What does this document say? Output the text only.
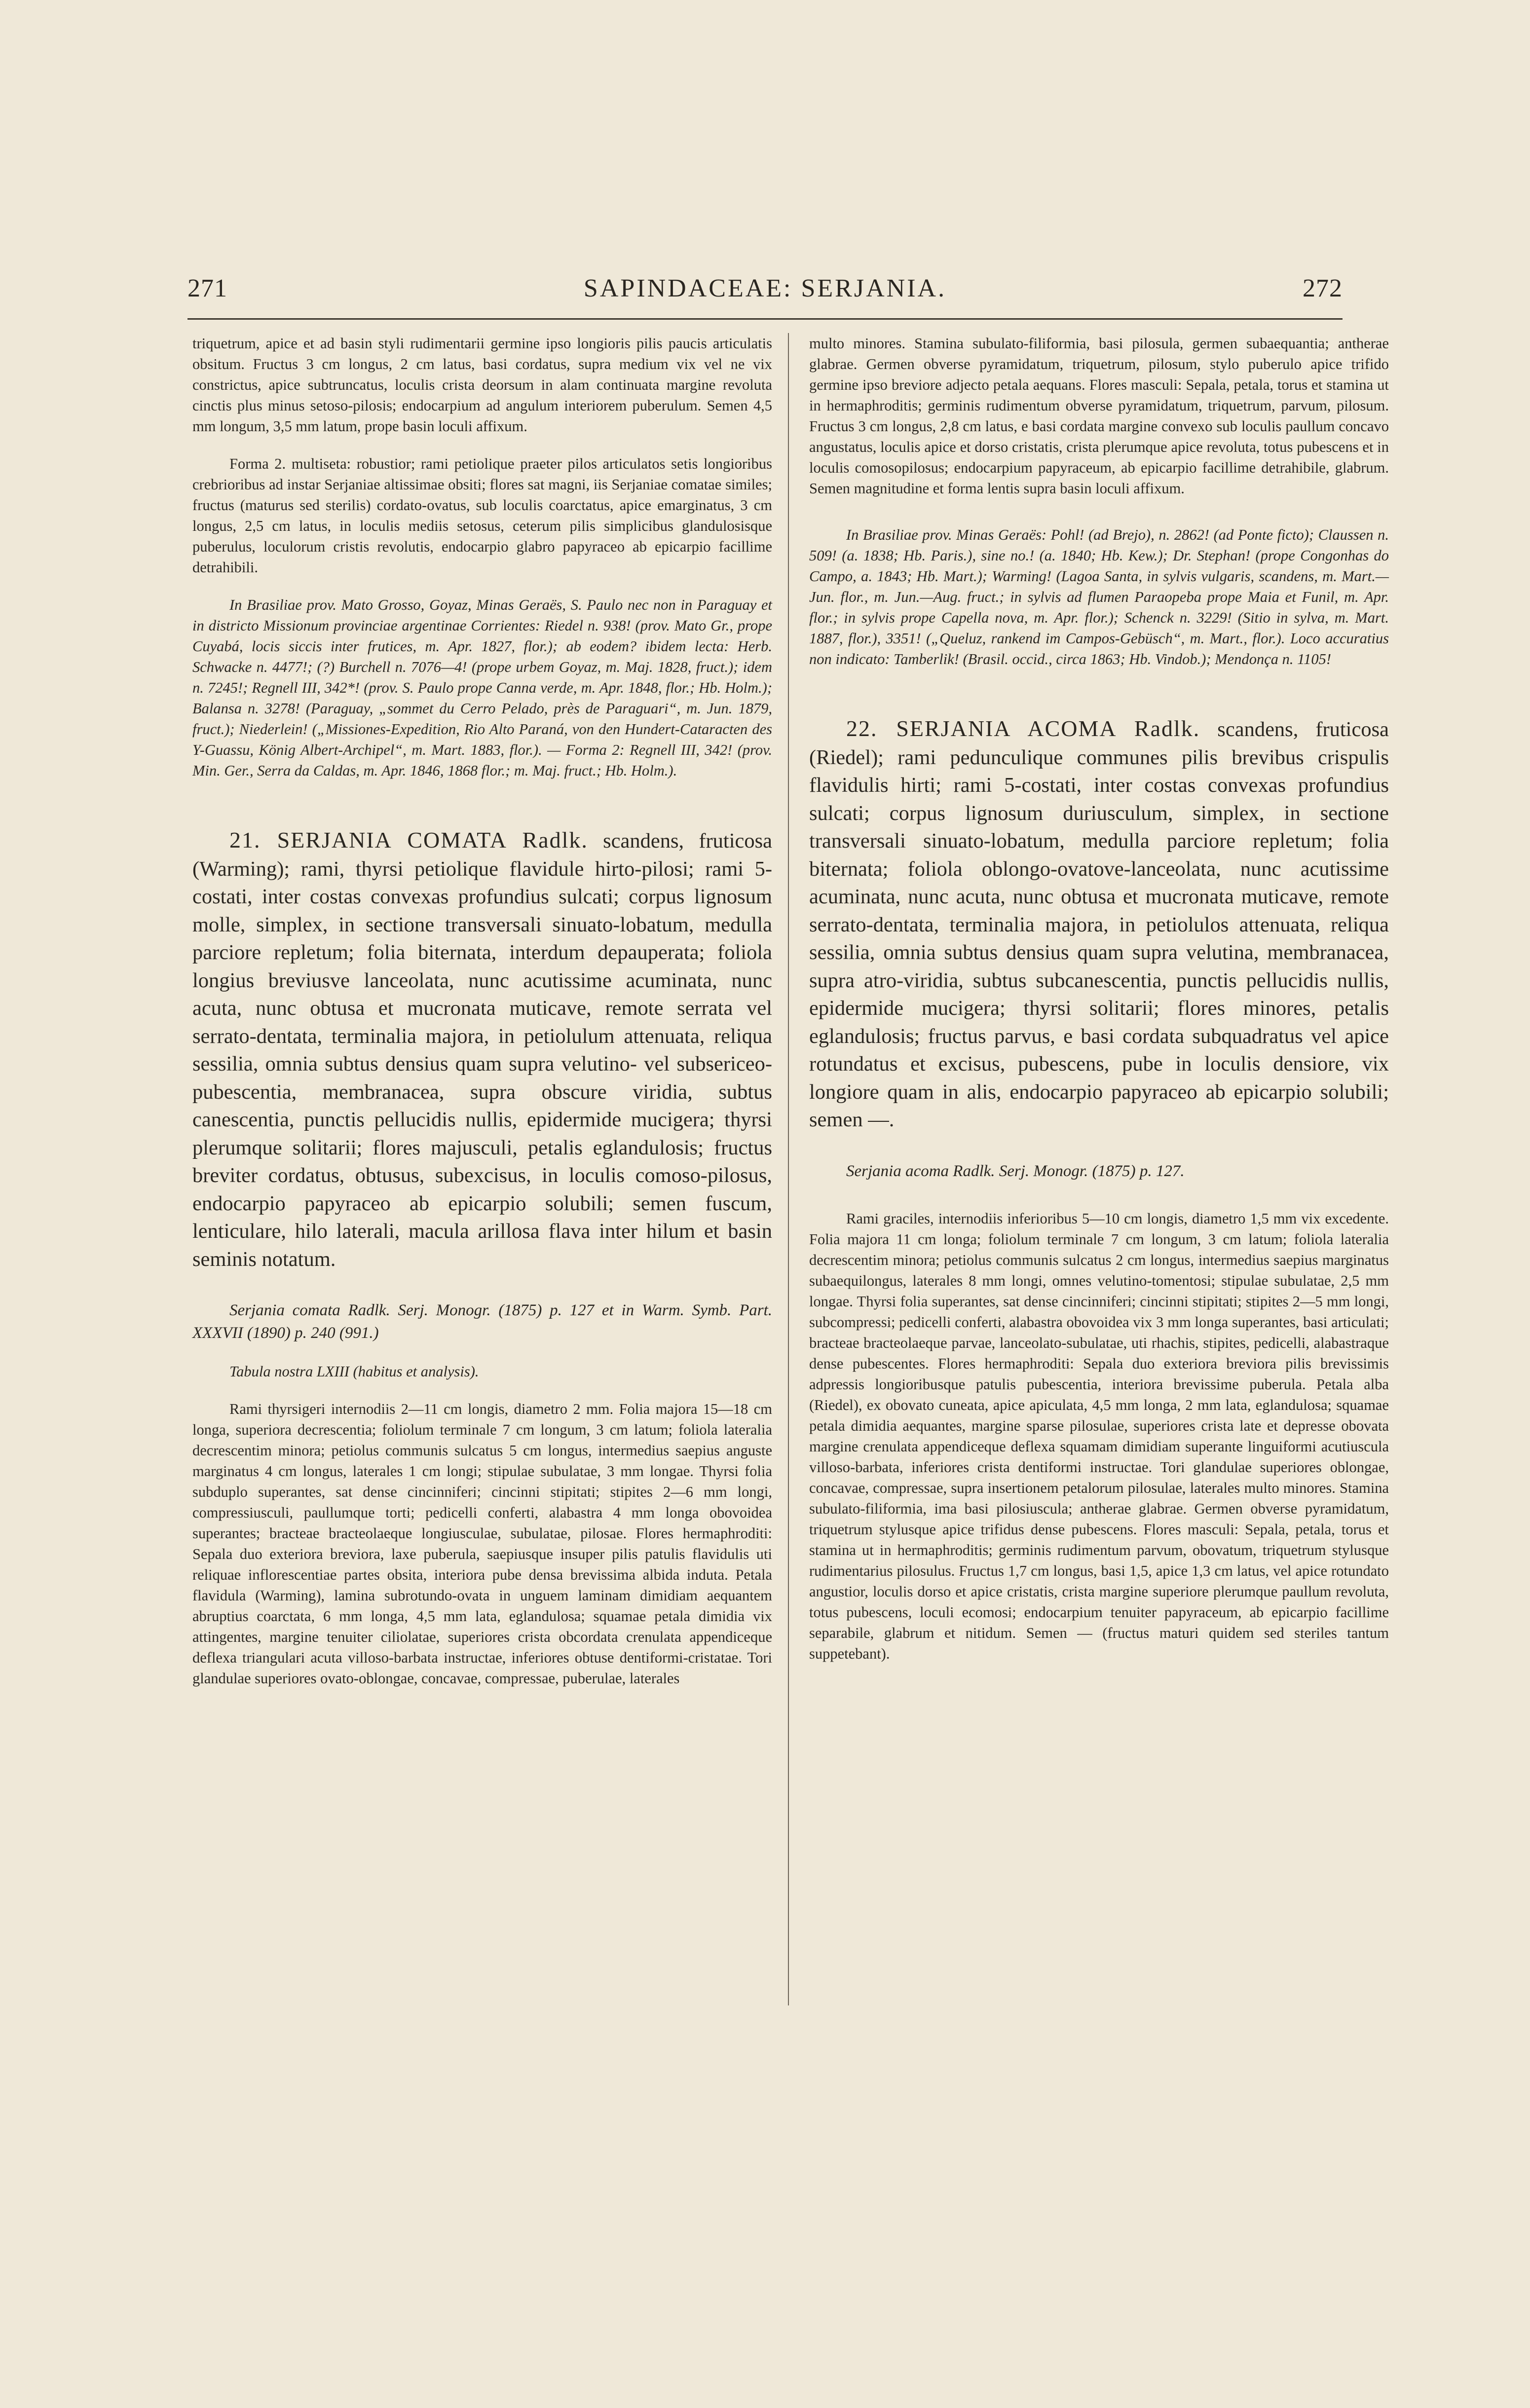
271	SAPINDACEAE: SERJANIA.	272

triquetrum, apice et ad basin styli rudimentarii germine ipso longioris pilis paucis articulatis obsitum. Fructus 3 cm longus, 2 cm latus, basi cordatus, supra medium vix vel ne vix constrictus, apice subtruncatus, loculis crista deorsum in alam continuata margine revoluta cinctis plus minus setoso-pilosis; endocarpium ad angulum interiorem puberulum. Semen 4,5 mm longum, 3,5 mm latum, prope basin loculi affixum.

Forma 2. multiseta: robustior; rami petiolique praeter pilos articulatos setis longioribus crebrioribus ad instar Serjaniae altissimae obsiti; flores sat magni, iis Serjaniae comatae similes; fructus (maturus sed sterilis) cordato-ovatus, sub loculis coarctatus, apice emarginatus, 3 cm longus, 2,5 cm latus, in loculis mediis setosus, ceterum pilis simplicibus glandulosisque puberulus, loculorum cristis revolutis, endocarpio glabro papyraceo ab epicarpio facillime detrahibili.

In Brasiliae prov. Mato Grosso, Goyaz, Minas Geraës, S. Paulo nec non in Paraguay et in districto Missionum provinciae argentinae Corrientes: Riedel n. 938! (prov. Mato Gr., prope Cuyabá, locis siccis inter frutices, m. Apr. 1827, flor.); ab eodem? ibidem lecta: Herb. Schwacke n. 4477!; (?) Burchell n. 7076—4! (prope urbem Goyaz, m. Maj. 1828, fruct.); idem n. 7245!; Regnell III, 342*! (prov. S. Paulo prope Canna verde, m. Apr. 1848, flor.; Hb. Holm.); Balansa n. 3278! (Paraguay, „sommet du Cerro Pelado, près de Paraguari“, m. Jun. 1879, fruct.); Niederlein! („Missiones-Expedition, Rio Alto Paraná, von den Hundert-Cataracten des Y-Guassu, König Albert-Archipel“, m. Mart. 1883, flor.). — Forma 2: Regnell III, 342! (prov. Min. Ger., Serra da Caldas, m. Apr. 1846, 1868 flor.; m. Maj. fruct.; Hb. Holm.).

21. SERJANIA COMATA Radlk. scandens, fruticosa (Warming); rami, thyrsi petiolique flavidule hirto-pilosi; rami 5-costati, inter costas convexas profundius sulcati; corpus lignosum molle, simplex, in sectione transversali sinuato-lobatum, medulla parciore repletum; folia biternata, interdum depauperata; foliola longius breviusve lanceolata, nunc acutissime acuminata, nunc acuta, nunc obtusa et mucronata muticave, remote serrata vel serrato-dentata, terminalia majora, in petiolulum attenuata, reliqua sessilia, omnia subtus densius quam supra velutino- vel subsericeo-pubescentia, membranacea, supra obscure viridia, subtus canescentia, punctis pellucidis nullis, epidermide mucigera; thyrsi plerumque solitarii; flores majusculi, petalis eglandulosis; fructus breviter cordatus, obtusus, subexcisus, in loculis comoso-pilosus, endocarpio papyraceo ab epicarpio solubili; semen fuscum, lenticulare, hilo laterali, macula arillosa flava inter hilum et basin seminis notatum.

Serjania comata Radlk. Serj. Monogr. (1875) p. 127 et in Warm. Symb. Part. XXXVII (1890) p. 240 (991.)

Tabula nostra LXIII (habitus et analysis).

Rami thyrsigeri internodiis 2—11 cm longis, diametro 2 mm. Folia majora 15—18 cm longa, superiora decrescentia; foliolum terminale 7 cm longum, 3 cm latum; foliola lateralia decrescentim minora; petiolus communis sulcatus 5 cm longus, intermedius saepius anguste marginatus 4 cm longus, laterales 1 cm longi; stipulae subulatae, 3 mm longae. Thyrsi folia subduplo superantes, sat dense cincinniferi; cincinni stipitati; stipites 2—6 mm longi, compressiusculi, paullumque torti; pedicelli conferti, alabastra 4 mm longa obovoidea superantes; bracteae bracteolaeque longiusculae, subulatae, pilosae. Flores hermaphroditi: Sepala duo exteriora breviora, laxe puberula, saepiusque insuper pilis patulis flavidulis uti reliquae inflorescentiae partes obsita, interiora pube densa brevissima albida induta. Petala flavidula (Warming), lamina subrotundo-ovata in unguem laminam dimidiam aequantem abruptius coarctata, 6 mm longa, 4,5 mm lata, eglandulosa; squamae petala dimidia vix attingentes, margine tenuiter ciliolatae, superiores crista obcordata crenulata appendiceque deflexa triangulari acuta villoso-barbata instructae, inferiores obtuse dentiformi-cristatae. Tori glandulae superiores ovato-oblongae, concavae, compressae, puberulae, laterales

multo minores. Stamina subulato-filiformia, basi pilosula, germen subaequantia; antherae glabrae. Germen obverse pyramidatum, triquetrum, pilosum, stylo puberulo apice trifido germine ipso breviore adjecto petala aequans. Flores masculi: Sepala, petala, torus et stamina ut in hermaphroditis; germinis rudimentum obverse pyramidatum, triquetrum, parvum, pilosum. Fructus 3 cm longus, 2,8 cm latus, e basi cordata margine convexo sub loculis paullum concavo angustatus, loculis apice et dorso cristatis, crista plerumque apice revoluta, totus pubescens et in loculis comosopilosus; endocarpium papyraceum, ab epicarpio facillime detrahibile, glabrum. Semen magnitudine et forma lentis supra basin loculi affixum.

In Brasiliae prov. Minas Geraës: Pohl! (ad Brejo), n. 2862! (ad Ponte ficto); Claussen n. 509! (a. 1838; Hb. Paris.), sine no.! (a. 1840; Hb. Kew.); Dr. Stephan! (prope Congonhas do Campo, a. 1843; Hb. Mart.); Warming! (Lagoa Santa, in sylvis vulgaris, scandens, m. Mart.—Jun. flor., m. Jun.—Aug. fruct.; in sylvis ad flumen Paraopeba prope Maia et Funil, m. Apr. flor.; in sylvis prope Capella nova, m. Apr. flor.); Schenck n. 3229! (Sitio in sylva, m. Mart. 1887, flor.), 3351! („Queluz, rankend im Campos-Gebüsch“, m. Mart., flor.). Loco accuratius non indicato: Tamberlik! (Brasil. occid., circa 1863; Hb. Vindob.); Mendonça n. 1105!

22. SERJANIA ACOMA Radlk. scandens, fruticosa (Riedel); rami pedunculique communes pilis brevibus crispulis flavidulis hirti; rami 5-costati, inter costas convexas profundius sulcati; corpus lignosum duriusculum, simplex, in sectione transversali sinuato-lobatum, medulla parciore repletum; folia biternata; foliola oblongo-ovatove-lanceolata, nunc acutissime acuminata, nunc acuta, nunc obtusa et mucronata muticave, remote serrato-dentata, terminalia majora, in petiolulos attenuata, reliqua sessilia, omnia subtus densius quam supra velutina, membranacea, supra atro-viridia, subtus subcanescentia, punctis pellucidis nullis, epidermide mucigera; thyrsi solitarii; flores minores, petalis eglandulosis; fructus parvus, e basi cordata subquadratus vel apice rotundatus et excisus, pubescens, pube in loculis densiore, vix longiore quam in alis, endocarpio papyraceo ab epicarpio solubili; semen —.

Serjania acoma Radlk. Serj. Monogr. (1875) p. 127.

Rami graciles, internodiis inferioribus 5—10 cm longis, diametro 1,5 mm vix excedente. Folia majora 11 cm longa; foliolum terminale 7 cm longum, 3 cm latum; foliola lateralia decrescentim minora; petiolus communis sulcatus 2 cm longus, intermedius saepius marginatus subaequilongus, laterales 8 mm longi, omnes velutino-tomentosi; stipulae subulatae, 2,5 mm longae. Thyrsi folia superantes, sat dense cincinniferi; cincinni stipitati; stipites 2—5 mm longi, subcompressi; pedicelli conferti, alabastra obovoidea vix 3 mm longa superantes, basi articulati; bracteae bracteolaeque parvae, lanceolato-subulatae, uti rhachis, stipites, pedicelli, alabastraque dense pubescentes. Flores hermaphroditi: Sepala duo exteriora breviora pilis brevissimis adpressis longioribusque patulis pubescentia, interiora brevissime puberula. Petala alba (Riedel), ex obovato cuneata, apice apiculata, 4,5 mm longa, 2 mm lata, eglandulosa; squamae petala dimidia aequantes, margine sparse pilosulae, superiores crista late et depresse obovata margine crenulata appendiceque deflexa squamam dimidiam superante linguiformi acutiuscula villoso-barbata, inferiores crista dentiformi instructae. Tori glandulae superiores oblongae, concavae, compressae, supra insertionem petalorum pilosulae, laterales multo minores. Stamina subulato-filiformia, ima basi pilosiuscula; antherae glabrae. Germen obverse pyramidatum, triquetrum stylusque apice trifidus dense pubescens. Flores masculi: Sepala, petala, torus et stamina ut in hermaphroditis; germinis rudimentum parvum, obovatum, triquetrum stylusque rudimentarius pilosulus. Fructus 1,7 cm longus, basi 1,5, apice 1,3 cm latus, vel apice rotundato angustior, loculis dorso et apice cristatis, crista margine superiore plerumque paullum revoluta, totus pubescens, loculi ecomosi; endocarpium tenuiter papyraceum, ab epicarpio facillime separabile, glabrum et nitidum. Semen — (fructus maturi quidem sed steriles tantum suppetebant).
